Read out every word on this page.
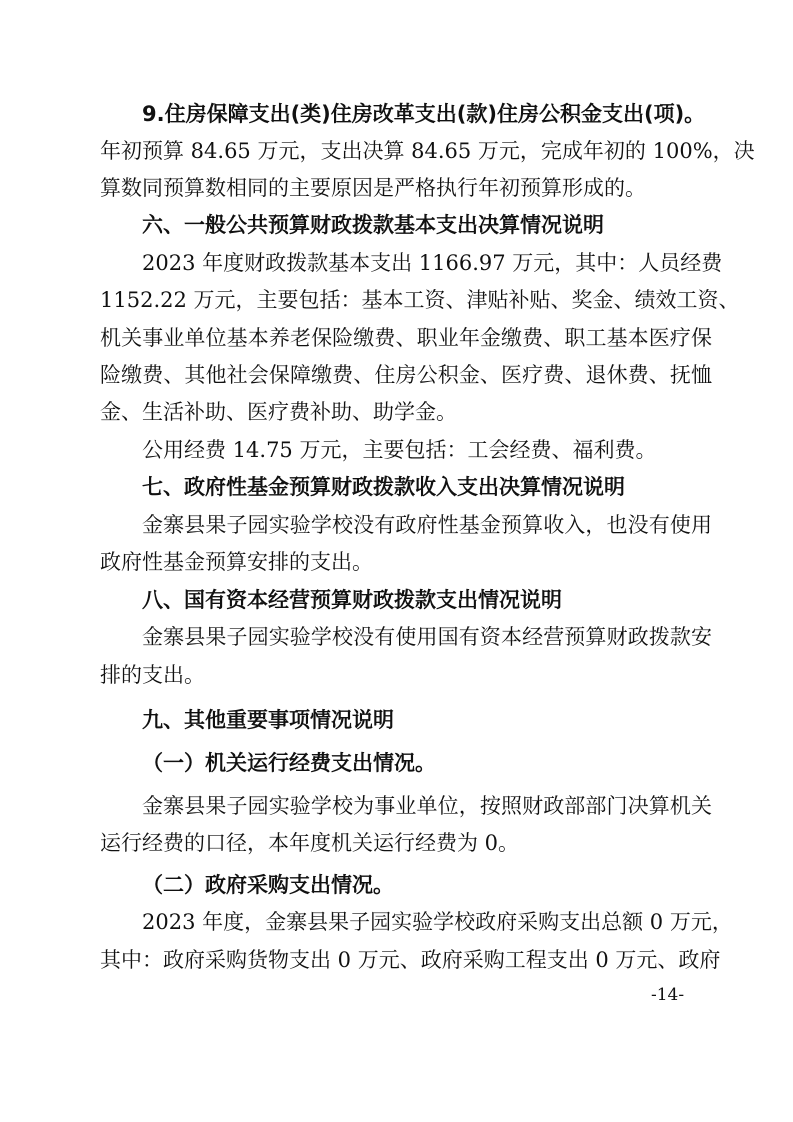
9.住房保障支出(类)住房改革支出(款)住房公积金支出(项)。
年初预算 84.65 万元，支出决算 84.65 万元，完成年初的 100%，决
算数同预算数相同的主要原因是严格执行年初预算形成的。
六、一般公共预算财政拨款基本支出决算情况说明
2023 年度财政拨款基本支出 1166.97 万元，其中：人员经费
1152.22 万元，主要包括：基本工资、津贴补贴、奖金、绩效工资、
机关事业单位基本养老保险缴费、职业年金缴费、职工基本医疗保
险缴费、其他社会保障缴费、住房公积金、医疗费、退休费、抚恤
金、生活补助、医疗费补助、助学金。
公用经费 14.75 万元，主要包括：工会经费、福利费。
七、政府性基金预算财政拨款收入支出决算情况说明
金寨县果子园实验学校没有政府性基金预算收入，也没有使用
政府性基金预算安排的支出。
八、国有资本经营预算财政拨款支出情况说明
金寨县果子园实验学校没有使用国有资本经营预算财政拨款安
排的支出。
九、其他重要事项情况说明
（一）机关运行经费支出情况。
金寨县果子园实验学校为事业单位，按照财政部部门决算机关
运行经费的口径，本年度机关运行经费为 0。
（二）政府采购支出情况。
2023 年度，金寨县果子园实验学校政府采购支出总额 0 万元，
其中：政府采购货物支出 0 万元、政府采购工程支出 0 万元、政府
-14-
